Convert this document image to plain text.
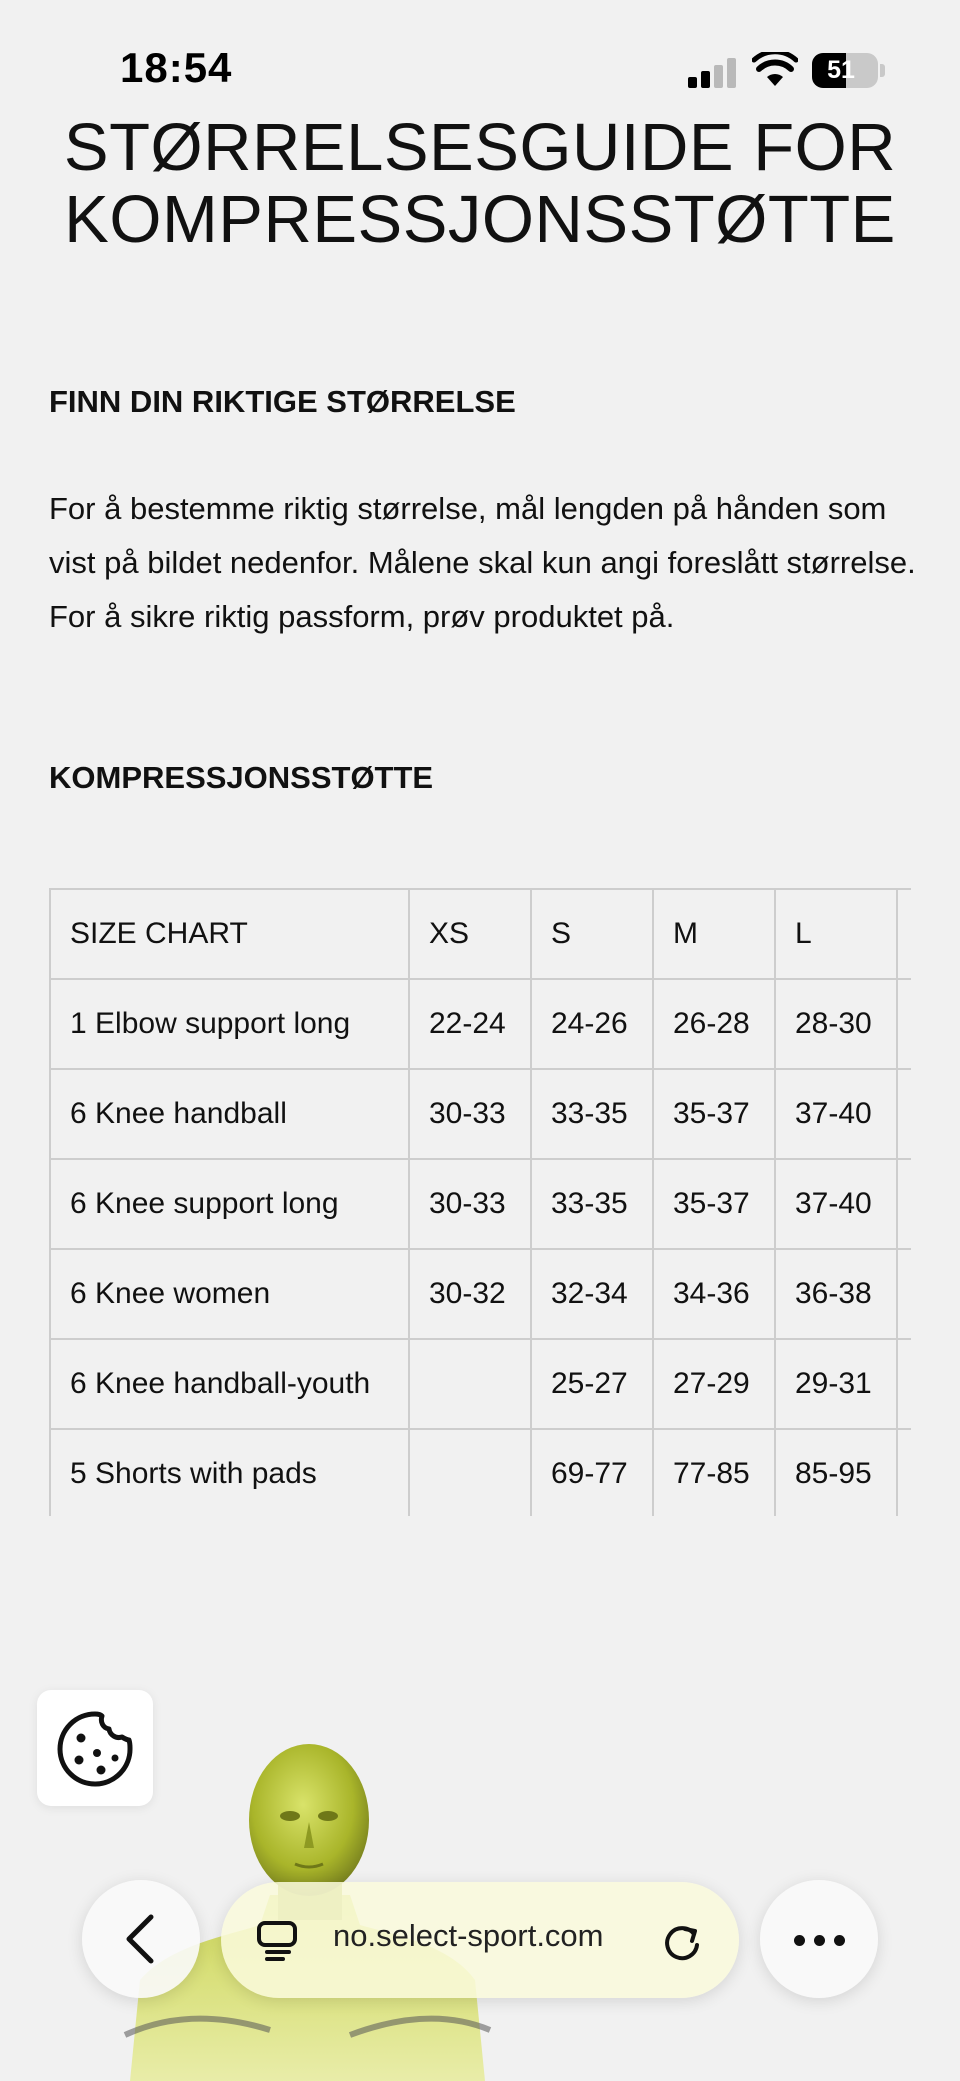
18:54	51
STØRRELSESGUIDE FOR
KOMPRESSJONSSTØTTE
FINN DIN RIKTIGE STØRRELSE

For å bestemme riktig størrelse, mål lengden på hånden som vist på bildet nedenfor. Målene skal kun angi foreslått størrelse. For å sikre riktig passform, prøv produktet på.

KOMPRESSJONSSTØTTE
SIZE CHART	XS	S	M	L	
1 Elbow support long	22-24	24-26	26-28	28-30	
6 Knee handball	30-33	33-35	35-37	37-40	
6 Knee support long	30-33	33-35	35-37	37-40	
6 Knee women	30-32	32-34	34-36	36-38	
6 Knee handball-youth		25-27	27-29	29-31	
5 Shorts with pads		69-77	77-85	85-95	
no.select-sport.com
